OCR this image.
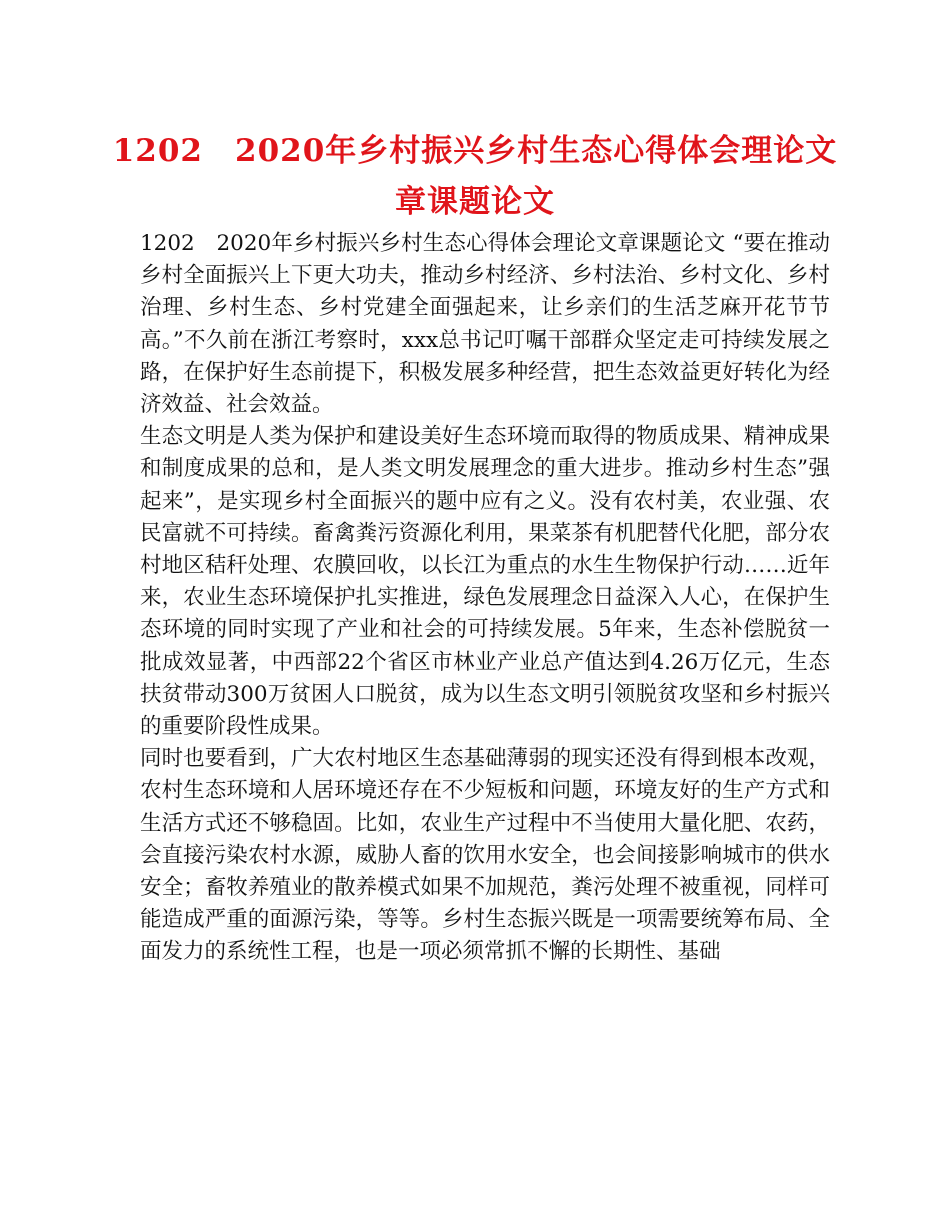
1202　2020年乡村振兴乡村生态心得体会理论文章课题论文

1202　2020年乡村振兴乡村生态心得体会理论文章课题论文 “要在推动乡村全面振兴上下更大功夫，推动乡村经济、乡村法治、乡村文化、乡村治理、乡村生态、乡村党建全面强起来，让乡亲们的生活芝麻开花节节高。”不久前在浙江考察时，xxx总书记叮嘱干部群众坚定走可持续发展之路，在保护好生态前提下，积极发展多种经营，把生态效益更好转化为经济效益、社会效益。

生态文明是人类为保护和建设美好生态环境而取得的物质成果、精神成果和制度成果的总和，是人类文明发展理念的重大进步。推动乡村生态”强起来”，是实现乡村全面振兴的题中应有之义。没有农村美，农业强、农民富就不可持续。畜禽粪污资源化利用，果菜茶有机肥替代化肥，部分农村地区秸秆处理、农膜回收，以长江为重点的水生生物保护行动……近年来，农业生态环境保护扎实推进，绿色发展理念日益深入人心，在保护生态环境的同时实现了产业和社会的可持续发展。5年来，生态补偿脱贫一批成效显著，中西部22个省区市林业产业总产值达到4.26万亿元，生态扶贫带动300万贫困人口脱贫，成为以生态文明引领脱贫攻坚和乡村振兴的重要阶段性成果。

同时也要看到，广大农村地区生态基础薄弱的现实还没有得到根本改观，农村生态环境和人居环境还存在不少短板和问题，环境友好的生产方式和生活方式还不够稳固。比如，农业生产过程中不当使用大量化肥、农药，会直接污染农村水源，威胁人畜的饮用水安全，也会间接影响城市的供水安全；畜牧养殖业的散养模式如果不加规范，粪污处理不被重视，同样可能造成严重的面源污染，等等。乡村生态振兴既是一项需要统筹布局、全面发力的系统性工程，也是一项必须常抓不懈的长期性、基础
